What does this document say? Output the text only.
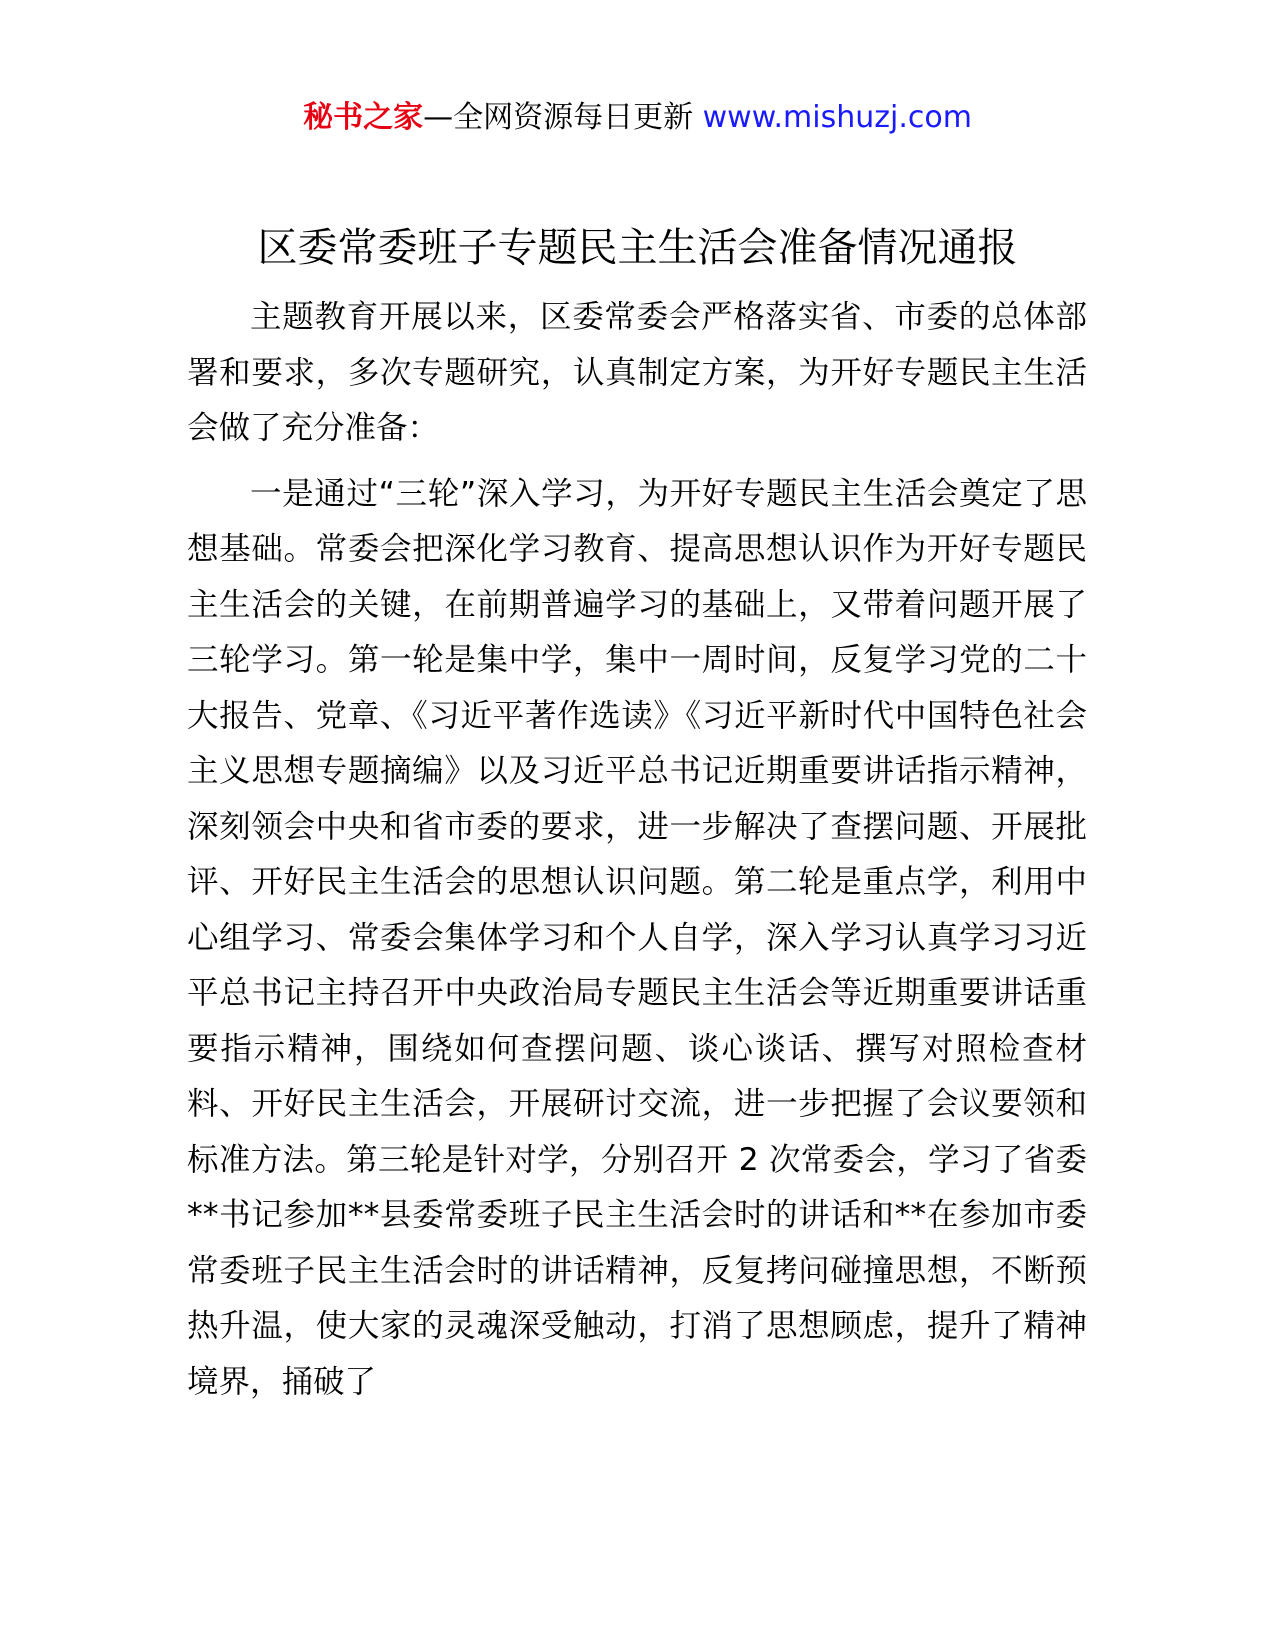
秘书之家—全网资源每日更新 www.mishuzj.com
区委常委班子专题民主生活会准备情况通报

主题教育开展以来，区委常委会严格落实省、市委的总体部署和要求，多次专题研究，认真制定方案，为开好专题民主生活会做了充分准备：

一是通过“三轮”深入学习，为开好专题民主生活会奠定了思想基础。常委会把深化学习教育、提高思想认识作为开好专题民主生活会的关键，在前期普遍学习的基础上，又带着问题开展了三轮学习。第一轮是集中学，集中一周时间，反复学习党的二十大报告、党章、《习近平著作选读》《习近平新时代中国特色社会主义思想专题摘编》以及习近平总书记近期重要讲话指示精神，深刻领会中央和省市委的要求，进一步解决了查摆问题、开展批评、开好民主生活会的思想认识问题。第二轮是重点学，利用中心组学习、常委会集体学习和个人自学，深入学习认真学习习近平总书记主持召开中央政治局专题民主生活会等近期重要讲话重要指示精神，围绕如何查摆问题、谈心谈话、撰写对照检查材料、开好民主生活会，开展研讨交流，进一步把握了会议要领和标准方法。第三轮是针对学，分别召开 2 次常委会，学习了省委**书记参加**县委常委班子民主生活会时的讲话和**在参加市委常委班子民主生活会时的讲话精神，反复拷问碰撞思想，不断预热升温，使大家的灵魂深受触动，打消了思想顾虑，提升了精神境界，捅破了
